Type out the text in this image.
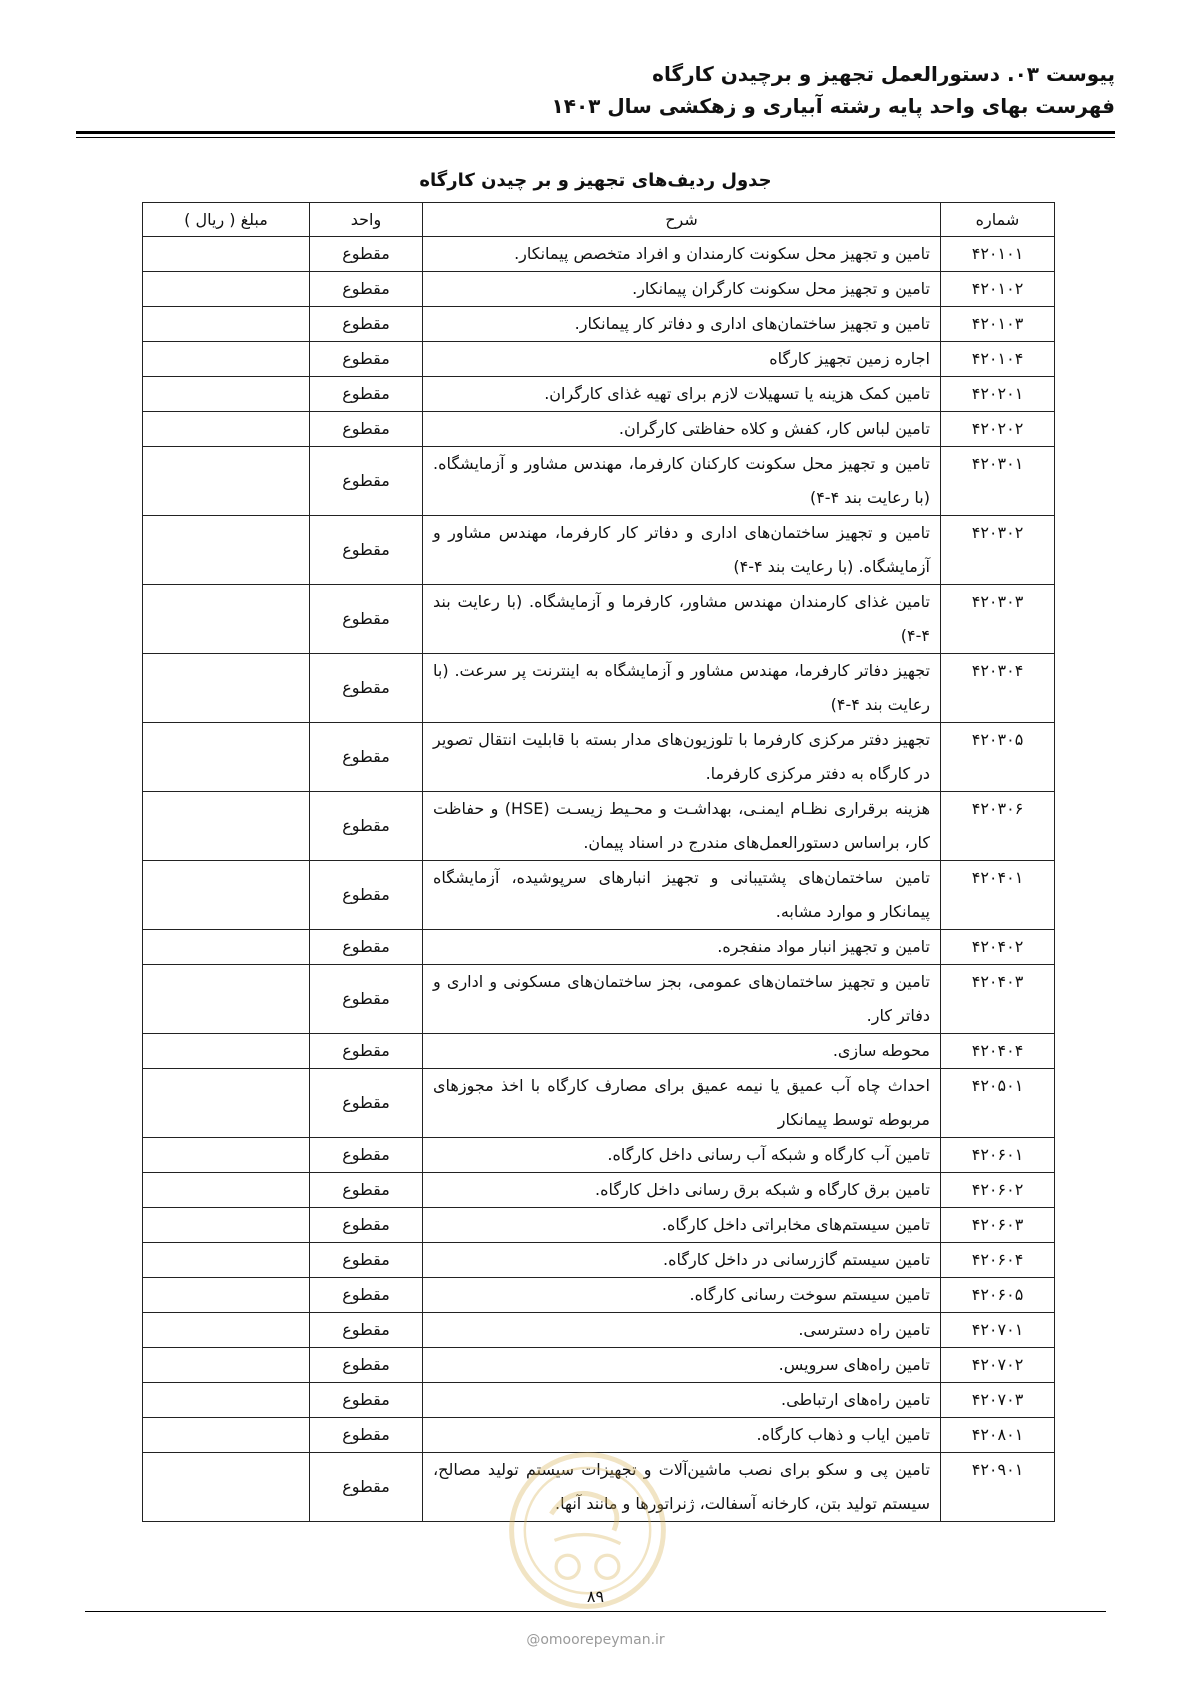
پیوست ۰۳. دستورالعمل تجهیز و برچیدن کارگاه
فهرست بهای واحد پایه رشته آبیاری و زهکشی سال ۱۴۰۳
جدول ردیف‌های تجهیز و بر چیدن کارگاه
شماره	شرح	واحد	مبلغ ( ریال )
۴۲۰۱۰۱	تامین و تجهیز محل سکونت کارمندان و افراد متخصص پیمانکار.	مقطوع	
۴۲۰۱۰۲	تامین و تجهیز محل سکونت کارگران پیمانکار.	مقطوع	
۴۲۰۱۰۳	تامین و تجهیز ساختمان‌های اداری و دفاتر کار پیمانکار.	مقطوع	
۴۲۰۱۰۴	اجاره زمین تجهیز کارگاه	مقطوع	
۴۲۰۲۰۱	تامین کمک هزینه یا تسهیلات لازم برای تهیه غذای کارگران.	مقطوع	
۴۲۰۲۰۲	تامین لباس کار، کفش و کلاه حفاظتی کارگران.	مقطوع	
۴۲۰۳۰۱	تامین و تجهیز محل سکونت کارکنان کارفرما، مهندس مشاور و آزمایشگاه. (با رعایت بند ۴-۴)	مقطوع	
۴۲۰۳۰۲	تامین و تجهیز ساختمان‌های اداری و دفاتر کار کارفرما، مهندس مشاور و آزمایشگاه. (با رعایت بند ۴-۴)	مقطوع	
۴۲۰۳۰۳	تامین غذای کارمندان مهندس مشاور، کارفرما و آزمایشگاه. (با رعایت بند ۴-۴)	مقطوع	
۴۲۰۳۰۴	تجهیز دفاتر کارفرما، مهندس مشاور و آزمایشگاه به اینترنت پر سرعت. (با رعایت بند ۴-۴)	مقطوع	
۴۲۰۳۰۵	تجهیز دفتر مرکزی کارفرما با تلوزیون‌های مدار بسته با قابلیت انتقال تصویر در کارگاه به دفتر مرکزی کارفرما.	مقطوع	
۴۲۰۳۰۶	هزینه برقراری نظـام ایمنـی، بهداشـت و محـیط زیسـت (HSE) و حفاظت کار، براساس دستورالعمل‌های مندرج در اسناد پیمان.	مقطوع	
۴۲۰۴۰۱	تامین ساختمان‌های پشتیبانی و تجهیز انبارهای سرپوشیده، آزمایشگاه پیمانکار و موارد مشابه.	مقطوع	
۴۲۰۴۰۲	تامین و تجهیز انبار مواد منفجره.	مقطوع	
۴۲۰۴۰۳	تامین و تجهیز ساختمان‌های عمومی، بجز ساختمان‌های مسکونی و اداری و دفاتر کار.	مقطوع	
۴۲۰۴۰۴	محوطه سازی.	مقطوع	
۴۲۰۵۰۱	احداث چاه آب عمیق یا نیمه عمیق برای مصارف کارگاه با اخذ مجوزهای مربوطه توسط پیمانکار	مقطوع	
۴۲۰۶۰۱	تامین آب کارگاه و شبکه آب رسانی داخل کارگاه.	مقطوع	
۴۲۰۶۰۲	تامین برق کارگاه و شبکه برق رسانی داخل کارگاه.	مقطوع	
۴۲۰۶۰۳	تامین سیستم‌های مخابراتی داخل کارگاه.	مقطوع	
۴۲۰۶۰۴	تامین سیستم گازرسانی در داخل کارگاه.	مقطوع	
۴۲۰۶۰۵	تامین سیستم سوخت رسانی کارگاه.	مقطوع	
۴۲۰۷۰۱	تامین راه دسترسی.	مقطوع	
۴۲۰۷۰۲	تامین راه‌های سرویس.	مقطوع	
۴۲۰۷۰۳	تامین راه‌های ارتباطی.	مقطوع	
۴۲۰۸۰۱	تامین ایاب و ذهاب کارگاه.	مقطوع	
۴۲۰۹۰۱	تامین پی و سکو برای نصب ماشین‌آلات و تجهیزات سیستم تولید مصالح، سیستم تولید بتن، کارخانه آسفالت، ژنراتورها و مانند آنها.	مقطوع	
۸۹
@omoorepeyman.ir
